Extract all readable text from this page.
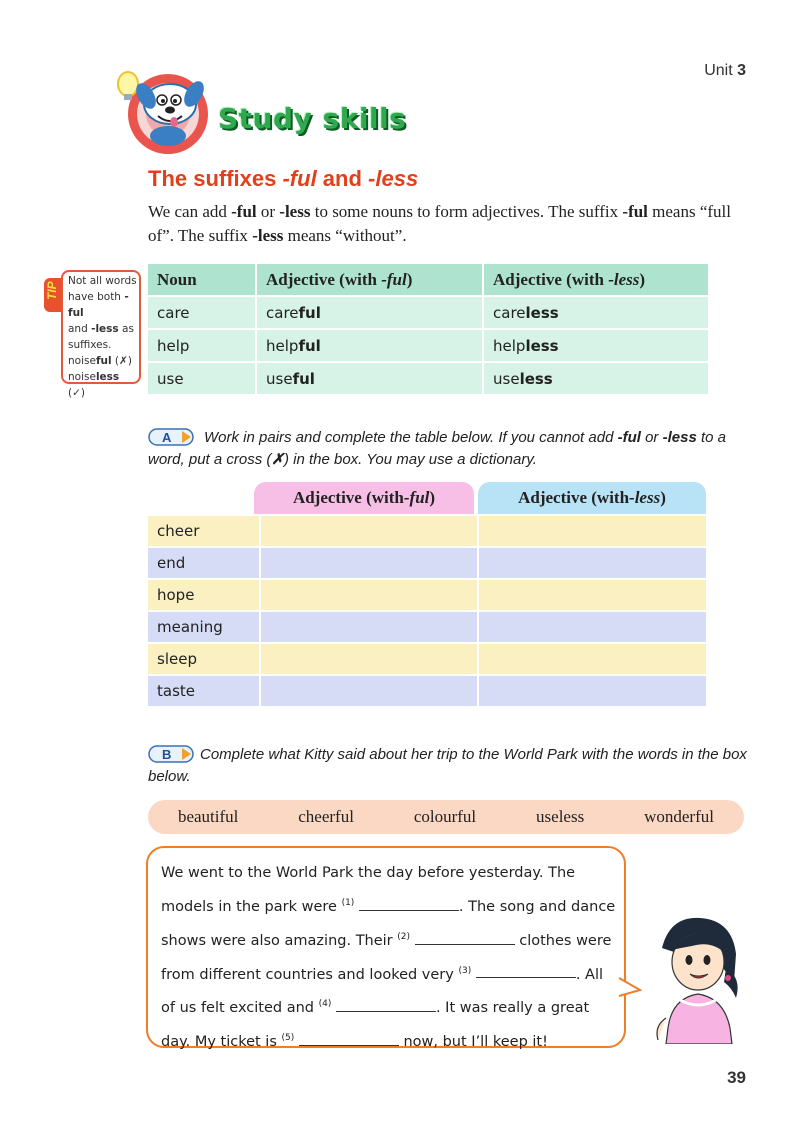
Unit 3
Study skills
The suffixes -ful and -less
We can add -ful or -less to some nouns to form adjectives. The suffix -ful means “full of”. The suffix -less means “without”.
TIP
Not all words
have both -ful
and -less as
suffixes.
noiseful (✗)
noiseless (✓)
Noun	Adjective (with -ful)	Adjective (with -less)
care	careful	careless
help	helpful	helpless
use	useful	useless
A	Work in pairs and complete the table below. If you cannot add -ful or -less to a word, put a cross (✗) in the box. You may use a dictionary.
Adjective (with -ful )	Adjective (with -less )
cheer
end
hope
meaning
sleep
taste
B	Complete what Kitty said about her trip to the World Park with the words in the box below.
beautiful	cheerful	colourful	useless	wonderful
We went to the World Park the day before yesterday. The models in the park were $^{(1)}$	. The song and dance shows were also amazing. Their $^{(2)}$	clothes were from different countries and looked very $^{(3)}$	. All of us felt excited and $^{(4)}$	. It was really a great day. My ticket is $^{(5)}$	now, but I’ll keep it!
39
